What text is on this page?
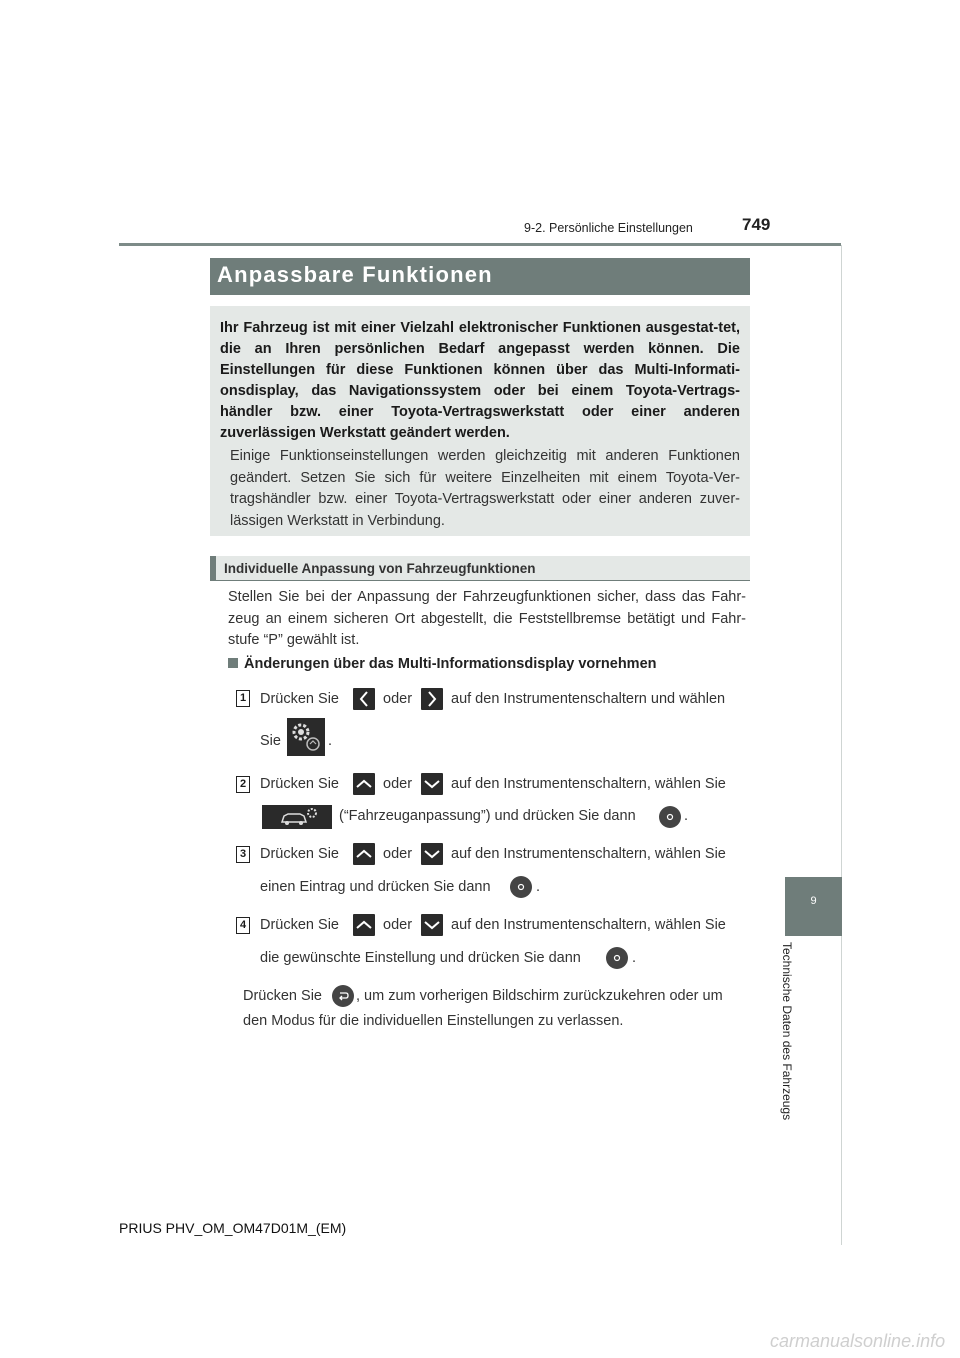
9-2. Persönliche Einstellungen	749
Anpassbare Funktionen
Ihr Fahrzeug ist mit einer Vielzahl elektronischer Funktionen ausgestat-tet, die an Ihren persönlichen Bedarf angepasst werden können. Die Einstellungen für diese Funktionen können über das Multi-Informati-onsdisplay, das Navigationssystem oder bei einem Toyota-Vertrags-händler bzw. einer Toyota-Vertragswerkstatt oder einer anderen zuverlässigen Werkstatt geändert werden.
Einige Funktionseinstellungen werden gleichzeitig mit anderen Funktionen geändert. Setzen Sie sich für weitere Einzelheiten mit einem Toyota-Ver-tragshändler bzw. einer Toyota-Vertragswerkstatt oder einer anderen zuver-lässigen Werkstatt in Verbindung.
Individuelle Anpassung von Fahrzeugfunktionen
Stellen Sie bei der Anpassung der Fahrzeugfunktionen sicher, dass das Fahr-zeug an einem sicheren Ort abgestellt, die Feststellbremse betätigt und Fahr-stufe “P” gewählt ist.
Änderungen über das Multi-Informationsdisplay vornehmen
1 Drücken Sie	oder	auf den Instrumentenschaltern und wählen
Sie	.
2 Drücken Sie	oder	auf den Instrumentenschaltern, wählen Sie
(“Fahrzeuganpassung”) und drücken Sie dann	.
3 Drücken Sie	oder	auf den Instrumentenschaltern, wählen Sie
einen Eintrag und drücken Sie dann	.
4 Drücken Sie	oder	auf den Instrumentenschaltern, wählen Sie
die gewünschte Einstellung und drücken Sie dann	.
Drücken Sie , um zum vorherigen Bildschirm zurückzukehren oder um
den Modus für die individuellen Einstellungen zu verlassen.
9
Technische Daten des Fahrzeugs
PRIUS PHV_OM_OM47D01M_(EM)
carmanualsonline.info
